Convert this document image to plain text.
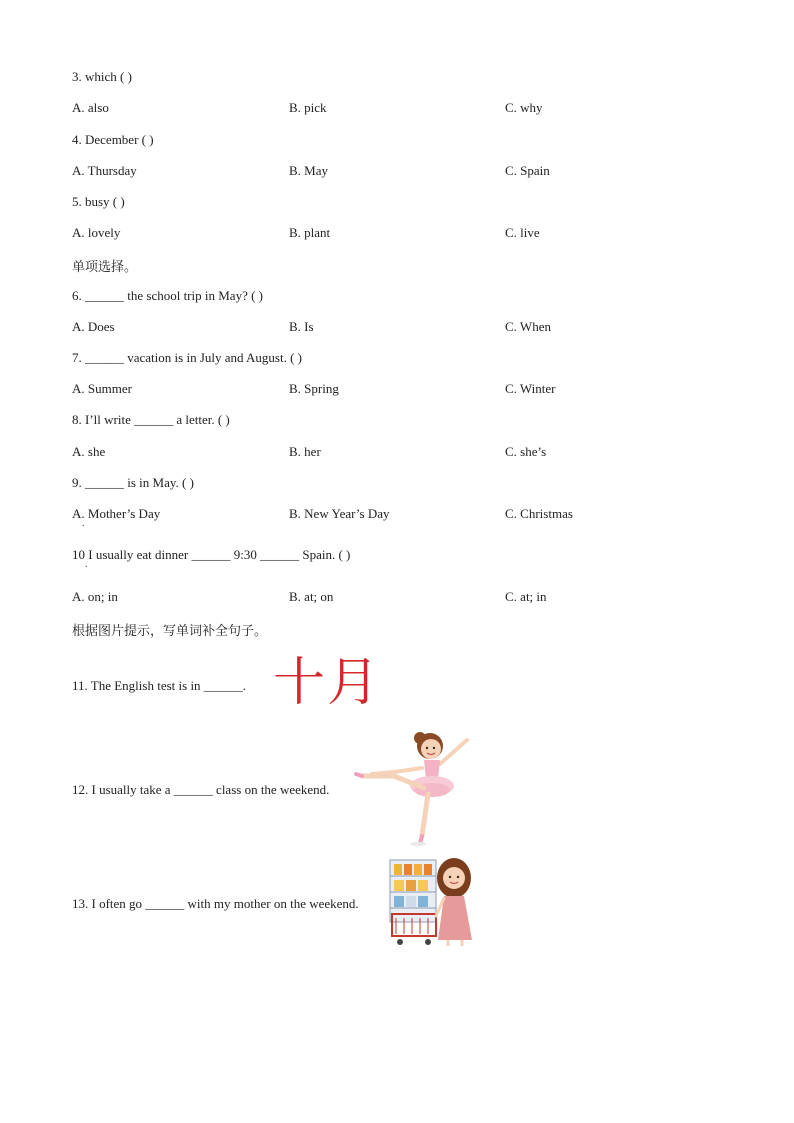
3. which ( )
A. also	B. pick	C. why
4. December ( )
A. Thursday	B. May	C. Spain
5. busy ( )
A. lovely	B. plant	C. live
单项选择。
6. ______ the school trip in May? ( )
A. Does	B. Is	C. When
7. ______ vacation is in July and August. ( )
A. Summer	B. Spring	C. Winter
8. I’ll write ______ a letter. ( )
A. she	B. her	C. she’s
9. ______ is in May. ( )
A. Mother’s Day	B. New Year’s Day	C. Christmas
.
10 I usually eat dinner ______ 9:30 ______ Spain. ( )
.
A. on; in	B. at; on	C. at; in
根据图片提示，写单词补全句子。
11. The English test is in ______. 十月
12. I usually take a ______ class on the weekend.
13. I often go ______ with my mother on the weekend.
